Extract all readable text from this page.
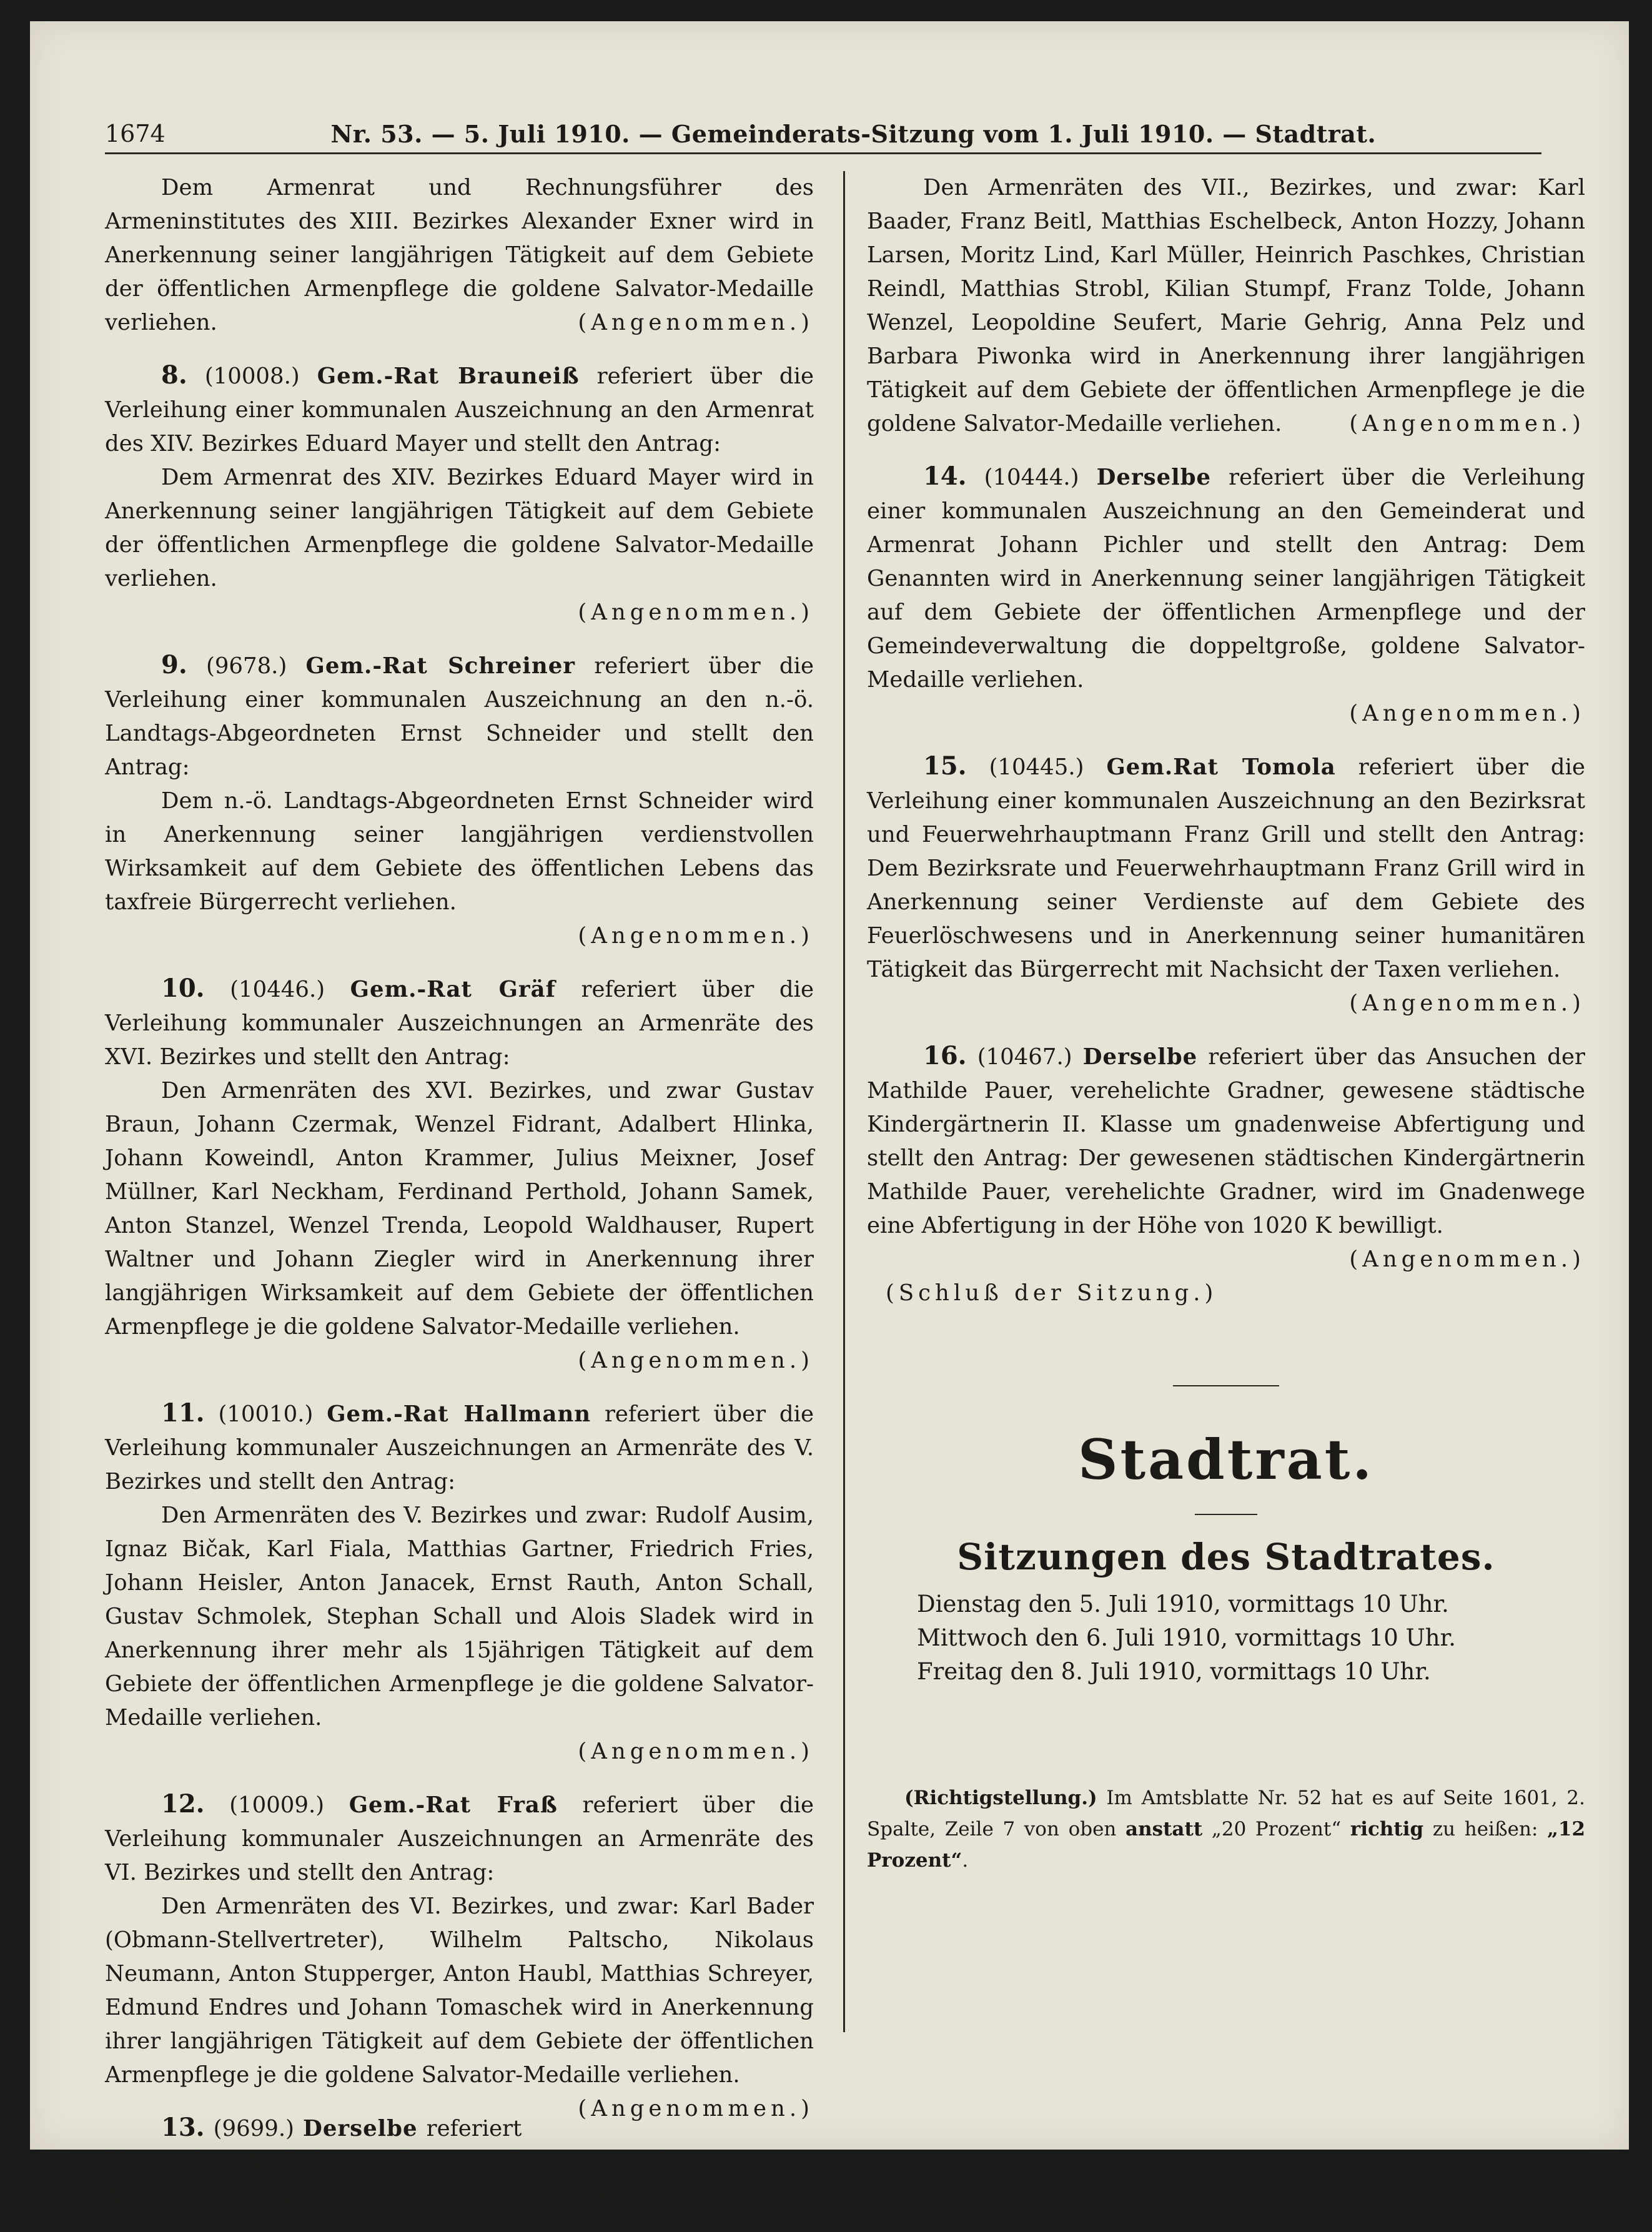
1674	Nr. 53. — 5. Juli 1910. — Gemeinderats-Sitzung vom 1. Juli 1910. — Stadtrat.

Dem Armenrat und Rechnungsführer des Armeninstitutes des XIII. Bezirkes Alexander Exner wird in Anerkennung seiner langjährigen Tätigkeit auf dem Gebiete der öffentlichen Armenpflege die goldene Salvator-Medaille verliehen.	(Angenommen.)

8. (10008.) Gem.-Rat Brauneiß referiert über die Verleihung einer kommunalen Auszeichnung an den Armenrat des XIV. Bezirkes Eduard Mayer und stellt den Antrag:

Dem Armenrat des XIV. Bezirkes Eduard Mayer wird in Anerkennung seiner langjährigen Tätigkeit auf dem Gebiete der öffentlichen Armenpflege die goldene Salvator-Medaille verliehen.

(Angenommen.)

9. (9678.) Gem.-Rat Schreiner referiert über die Verleihung einer kommunalen Auszeichnung an den n.-ö. Landtags-Abgeordneten Ernst Schneider und stellt den Antrag:

Dem n.-ö. Landtags-Abgeordneten Ernst Schneider wird in Anerkennung seiner langjährigen verdienstvollen Wirksamkeit auf dem Gebiete des öffentlichen Lebens das taxfreie Bürgerrecht verliehen.

(Angenommen.)

10. (10446.) Gem.-Rat Gräf referiert über die Verleihung kommunaler Auszeichnungen an Armenräte des XVI. Bezirkes und stellt den Antrag:

Den Armenräten des XVI. Bezirkes, und zwar Gustav Braun, Johann Czermak, Wenzel Fidrant, Adalbert Hlinka, Johann Koweindl, Anton Krammer, Julius Meixner, Josef Müllner, Karl Neckham, Ferdinand Perthold, Johann Samek, Anton Stanzel, Wenzel Trenda, Leopold Waldhauser, Rupert Waltner und Johann Ziegler wird in Anerkennung ihrer langjährigen Wirksamkeit auf dem Gebiete der öffentlichen Armenpflege je die goldene Salvator-Medaille verliehen.

(Angenommen.)

11. (10010.) Gem.-Rat Hallmann referiert über die Verleihung kommunaler Auszeichnungen an Armenräte des V. Bezirkes und stellt den Antrag:

Den Armenräten des V. Bezirkes und zwar: Rudolf Ausim, Ignaz Bičak, Karl Fiala, Matthias Gartner, Friedrich Fries, Johann Heisler, Anton Janacek, Ernst Rauth, Anton Schall, Gustav Schmolek, Stephan Schall und Alois Sladek wird in Anerkennung ihrer mehr als 15jährigen Tätigkeit auf dem Gebiete der öffentlichen Armenpflege je die goldene Salvator-Medaille verliehen.

(Angenommen.)

12. (10009.) Gem.-Rat Fraß referiert über die Verleihung kommunaler Auszeichnungen an Armenräte des VI. Bezirkes und stellt den Antrag:

Den Armenräten des VI. Bezirkes, und zwar: Karl Bader (Obmann-Stellvertreter), Wilhelm Paltscho, Nikolaus Neumann, Anton Stupperger, Anton Haubl, Matthias Schreyer, Edmund Endres und Johann Tomaschek wird in Anerkennung ihrer langjährigen Tätigkeit auf dem Gebiete der öffentlichen Armenpflege je die goldene Salvator-Medaille verliehen.
(Angenommen.)

13. (9699.) Derselbe referiert über die Verleihung kommunaler Auszeichnungen an Armenräte des VII. Bezirkes und stellt den Antrag:

Den Armenräten des VII., Bezirkes, und zwar: Karl Baader, Franz Beitl, Matthias Eschelbeck, Anton Hozzy, Johann Larsen, Moritz Lind, Karl Müller, Heinrich Paschkes, Christian Reindl, Matthias Strobl, Kilian Stumpf, Franz Tolde, Johann Wenzel, Leopoldine Seufert, Marie Gehrig, Anna Pelz und Barbara Piwonka wird in Anerkennung ihrer langjährigen Tätigkeit auf dem Gebiete der öffentlichen Armenpflege je die goldene Salvator-Medaille verliehen.	(Angenommen.)

14. (10444.) Derselbe referiert über die Verleihung einer kommunalen Auszeichnung an den Gemeinderat und Armenrat Johann Pichler und stellt den Antrag: Dem Genannten wird in Anerkennung seiner langjährigen Tätigkeit auf dem Gebiete der öffentlichen Armenpflege und der Gemeindeverwaltung die doppeltgroße, goldene Salvator-Medaille verliehen.

(Angenommen.)

15. (10445.) Gem.Rat Tomola referiert über die Verleihung einer kommunalen Auszeichnung an den Bezirksrat und Feuerwehrhauptmann Franz Grill und stellt den Antrag: Dem Bezirksrate und Feuerwehrhauptmann Franz Grill wird in Anerkennung seiner Verdienste auf dem Gebiete des Feuerlöschwesens und in Anerkennung seiner humanitären Tätigkeit das Bürgerrecht mit Nachsicht der Taxen verliehen.

(Angenommen.)

16. (10467.) Derselbe referiert über das Ansuchen der Mathilde Pauer, verehelichte Gradner, gewesene städtische Kindergärtnerin II. Klasse um gnadenweise Abfertigung und stellt den Antrag: Der gewesenen städtischen Kindergärtnerin Mathilde Pauer, verehelichte Gradner, wird im Gnadenwege eine Abfertigung in der Höhe von 1020 K bewilligt.

(Angenommen.)

(Schluß der Sitzung.)

Stadtrat.
Sitzungen des Stadtrates.
Dienstag den 5. Juli 1910, vormittags 10 Uhr.
Mittwoch den 6. Juli 1910, vormittags 10 Uhr.
Freitag den 8. Juli 1910, vormittags 10 Uhr.

(Richtigstellung.) Im Amtsblatte Nr. 52 hat es auf Seite 1601, 2. Spalte, Zeile 7 von oben anstatt „20 Prozent“ richtig zu heißen: „12 Prozent“.
